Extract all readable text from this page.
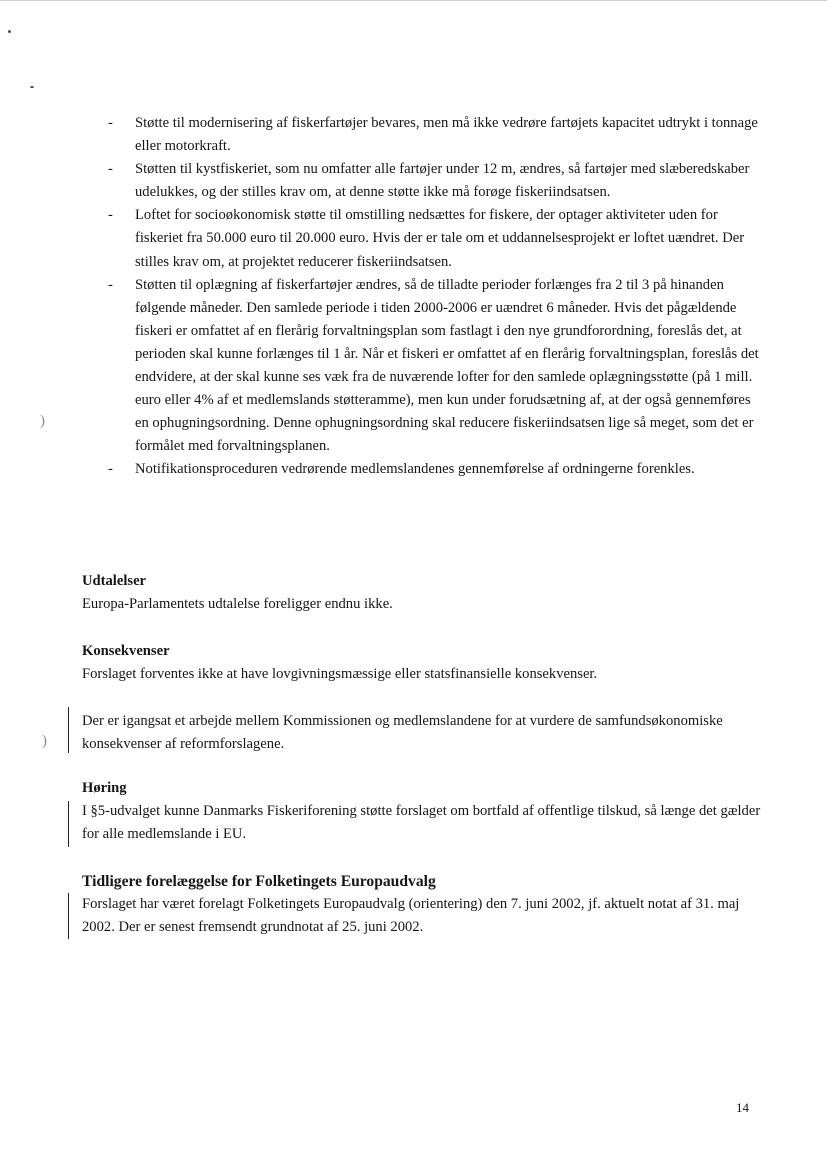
)
)
-	Støtte til modernisering af fiskerfartøjer bevares, men må ikke vedrøre fartøjets kapacitet udtrykt i tonnage eller motorkraft.
-	Støtten til kystfiskeriet, som nu omfatter alle fartøjer under 12 m, ændres, så fartøjer med slæberedskaber udelukkes, og der stilles krav om, at denne støtte ikke må forøge fiskeriindsatsen.
-	Loftet for socioøkonomisk støtte til omstilling nedsættes for fiskere, der optager aktiviteter uden for fiskeriet fra 50.000 euro til 20.000 euro. Hvis der er tale om et uddannelsesprojekt er loftet uændret. Der stilles krav om, at projektet reducerer fiskeriindsatsen.
-	Støtten til oplægning af fiskerfartøjer ændres, så de tilladte perioder forlænges fra 2 til 3 på hinanden følgende måneder. Den samlede periode i tiden 2000-2006 er uændret 6 måneder. Hvis det pågældende fiskeri er omfattet af en flerårig forvaltningsplan som fastlagt i den nye grundforordning, foreslås det, at perioden skal kunne forlænges til 1 år. Når et fiskeri er omfattet af en flerårig forvaltningsplan, foreslås det endvidere, at der skal kunne ses væk fra de nuværende lofter for den samlede oplægningsstøtte (på 1 mill. euro eller 4% af et medlemslands støtteramme), men kun under forudsætning af, at der også gennemføres en ophugningsordning. Denne ophugningsordning skal reducere fiskeriindsatsen lige så meget, som det er formålet med forvaltningsplanen.
-	Notifikationsproceduren vedrørende medlemslandenes gennemførelse af ordningerne forenkles.
Udtalelser
Europa-Parlamentets udtalelse foreligger endnu ikke.
Konsekvenser
Forslaget forventes ikke at have lovgivningsmæssige eller statsfinansielle konsekvenser.
Der er igangsat et arbejde mellem Kommissionen og medlemslandene for at vurdere de samfundsøkonomiske konsekvenser af reformforslagene.
Høring
I §5-udvalget kunne Danmarks Fiskeriforening støtte forslaget om bortfald af offentlige tilskud, så længe det gælder for alle medlemslande i EU.
Tidligere forelæggelse for Folketingets Europaudvalg
Forslaget har været forelagt Folketingets Europaudvalg (orientering) den 7. juni 2002, jf. aktuelt notat af 31. maj 2002. Der er senest fremsendt grundnotat af 25. juni 2002.
14
